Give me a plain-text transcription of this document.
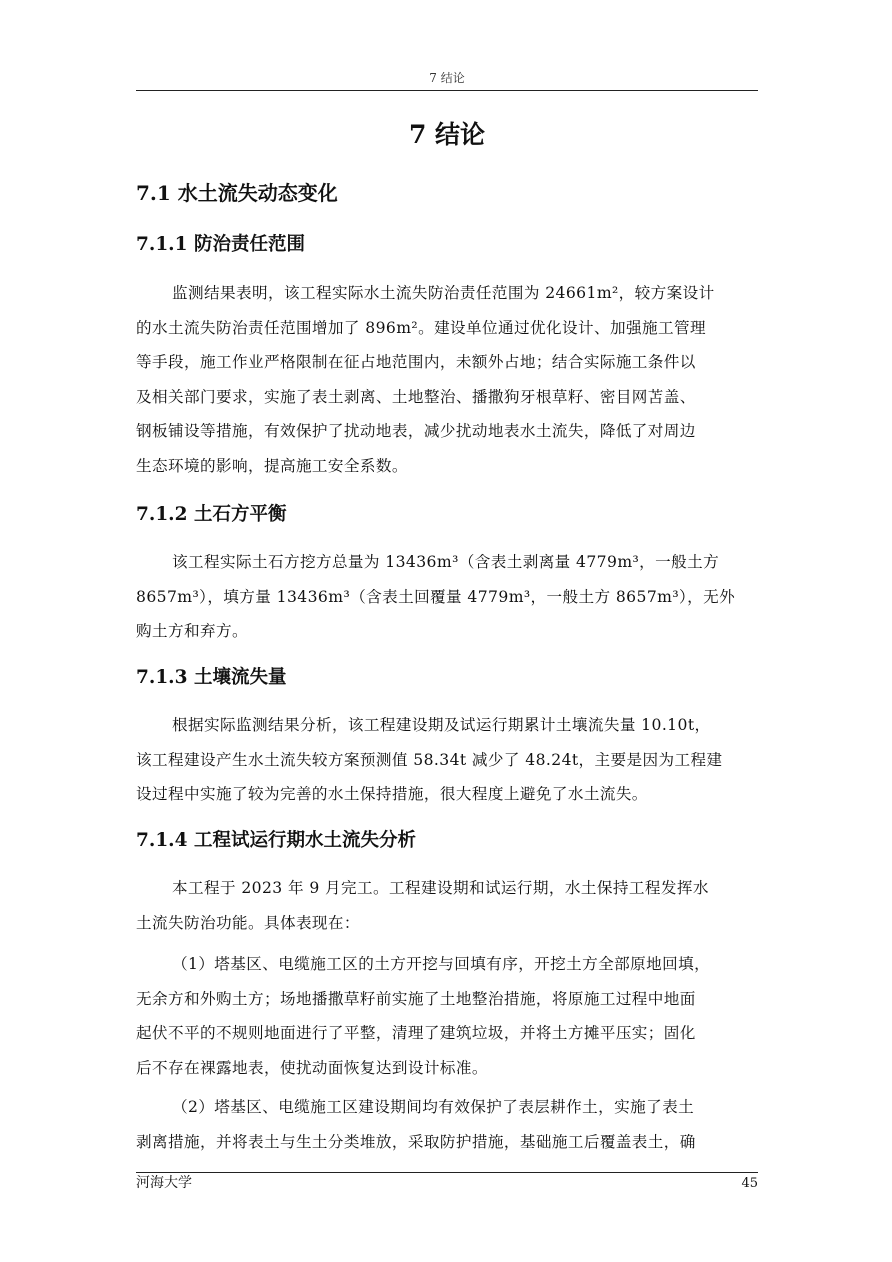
7 结论
7 结论
7.1 水土流失动态变化
7.1.1 防治责任范围
监测结果表明，该工程实际水土流失防治责任范围为 24661m²，较方案设计
的水土流失防治责任范围增加了 896m²。建设单位通过优化设计、加强施工管理
等手段，施工作业严格限制在征占地范围内，未额外占地；结合实际施工条件以
及相关部门要求，实施了表土剥离、土地整治、播撒狗牙根草籽、密目网苫盖、
钢板铺设等措施，有效保护了扰动地表，减少扰动地表水土流失，降低了对周边
生态环境的影响，提高施工安全系数。
7.1.2 土石方平衡
该工程实际土石方挖方总量为 13436m³（含表土剥离量 4779m³，一般土方
8657m³），填方量 13436m³（含表土回覆量 4779m³，一般土方 8657m³），无外
购土方和弃方。
7.1.3 土壤流失量
根据实际监测结果分析，该工程建设期及试运行期累计土壤流失量 10.10t，
该工程建设产生水土流失较方案预测值 58.34t 减少了 48.24t，主要是因为工程建
设过程中实施了较为完善的水土保持措施，很大程度上避免了水土流失。
7.1.4 工程试运行期水土流失分析
本工程于 2023 年 9 月完工。工程建设期和试运行期，水土保持工程发挥水
土流失防治功能。具体表现在：
（1）塔基区、电缆施工区的土方开挖与回填有序，开挖土方全部原地回填，
无余方和外购土方；场地播撒草籽前实施了土地整治措施，将原施工过程中地面
起伏不平的不规则地面进行了平整，清理了建筑垃圾，并将土方摊平压实；固化
后不存在裸露地表，使扰动面恢复达到设计标准。
（2）塔基区、电缆施工区建设期间均有效保护了表层耕作土，实施了表土
剥离措施，并将表土与生土分类堆放，采取防护措施，基础施工后覆盖表土，确
河海大学	45
